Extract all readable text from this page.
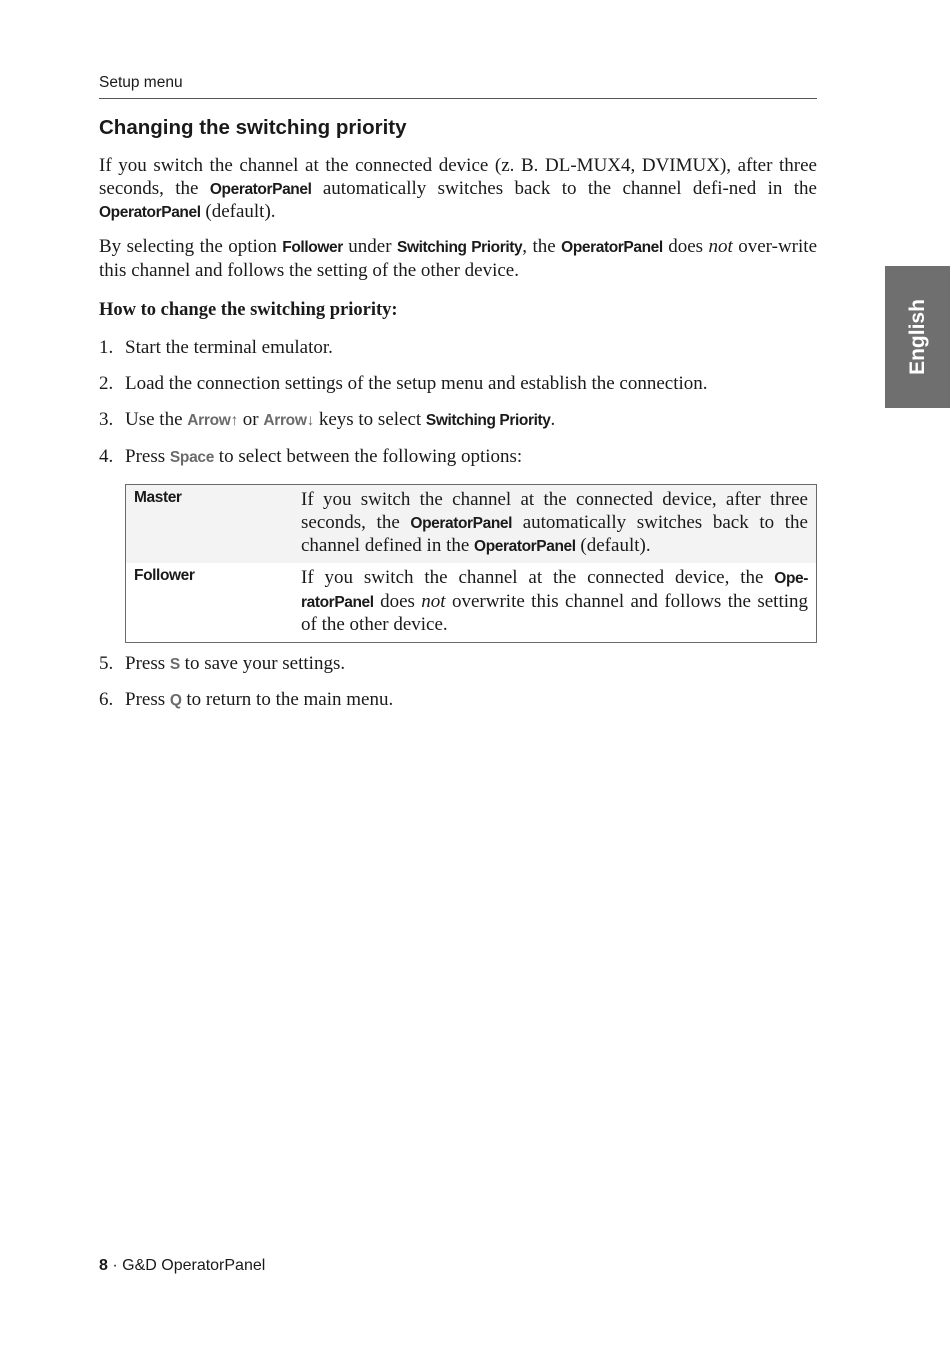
Setup menu
Changing the switching priority

If you switch the channel at the connected device (z. B. DL-MUX4, DVIMUX), after three seconds, the OperatorPanel automatically switches back to the channel defi-ned in the OperatorPanel (default).

By selecting the option Follower under Switching Priority, the OperatorPanel does not over-write this channel and follows the setting of the other device.

How to change the switching priority:

1. Start the terminal emulator.
2. Load the connection settings of the setup menu and establish the connection.
3. Use the Arrow↑ or Arrow↓ keys to select Switching Priority.
4. Press Space to select between the following options:
Master	If you switch the channel at the connected device, after three seconds, the OperatorPanel automatically switches back to the channel defined in the OperatorPanel (default).
Follower	If you switch the channel at the connected device, the Ope-ratorPanel does not overwrite this channel and follows the setting of the other device.
5. Press S to save your settings.
6. Press Q to return to the main menu.
English
8 · G&D OperatorPanel
